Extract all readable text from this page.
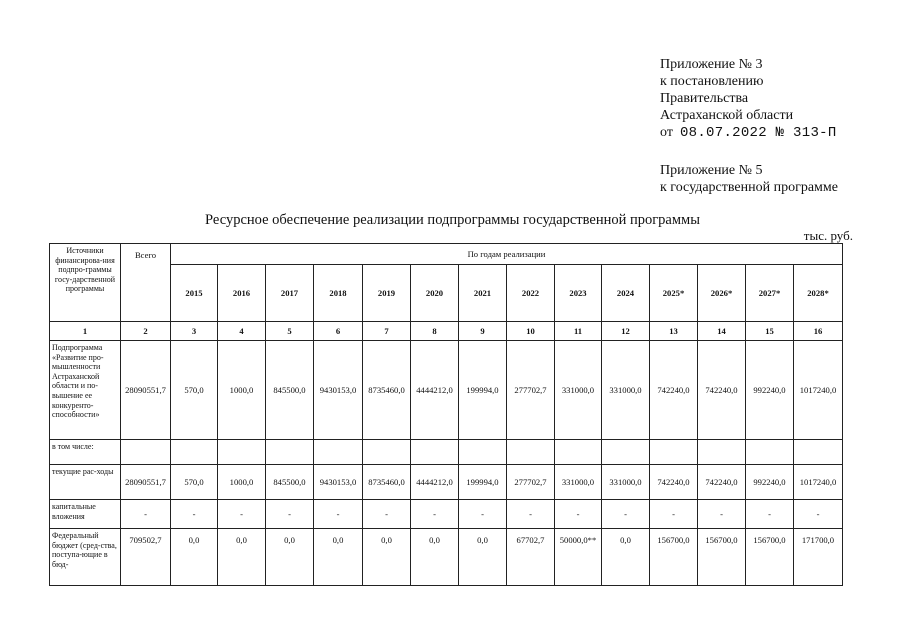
Приложение № 3
к постановлению
Правительства
Астраханской области
от 08.07.2022 № 313-П
Приложение № 5
к государственной программе
Ресурсное обеспечение реализации подпрограммы государственной программы
тыс. руб.
Источники финансирова-ния подпро-граммы госу-дарственной программы	Всего	По годам реализации													
		2015	2016	2017	2018	2019	2020	2021	2022	2023	2024	2025*	2026*	2027*	2028*
1	2	3	4	5	6	7	8	9	10	11	12	13	14	15	16
Подпрограмма «Развитие про-мышленности Астраханской области и по-вышение ее конкуренто-способности»	28090551,7	570,0	1000,0	845500,0	9430153,0	8735460,0	4444212,0	199994,0	277702,7	331000,0	331000,0	742240,0	742240,0	992240,0	1017240,0
в том числе:															
текущие рас-ходы	28090551,7	570,0	1000,0	845500,0	9430153,0	8735460,0	4444212,0	199994,0	277702,7	331000,0	331000,0	742240,0	742240,0	992240,0	1017240,0
капитальные вложения	-	-	-	-	-	-	-	-	-	-	-	-	-	-	-
Федеральный бюджет (сред-ства, поступа-ющие в бюд-	709502,7	0,0	0,0	0,0	0,0	0,0	0,0	0,0	67702,7	50000,0**	0,0	156700,0	156700,0	156700,0	171700,0
